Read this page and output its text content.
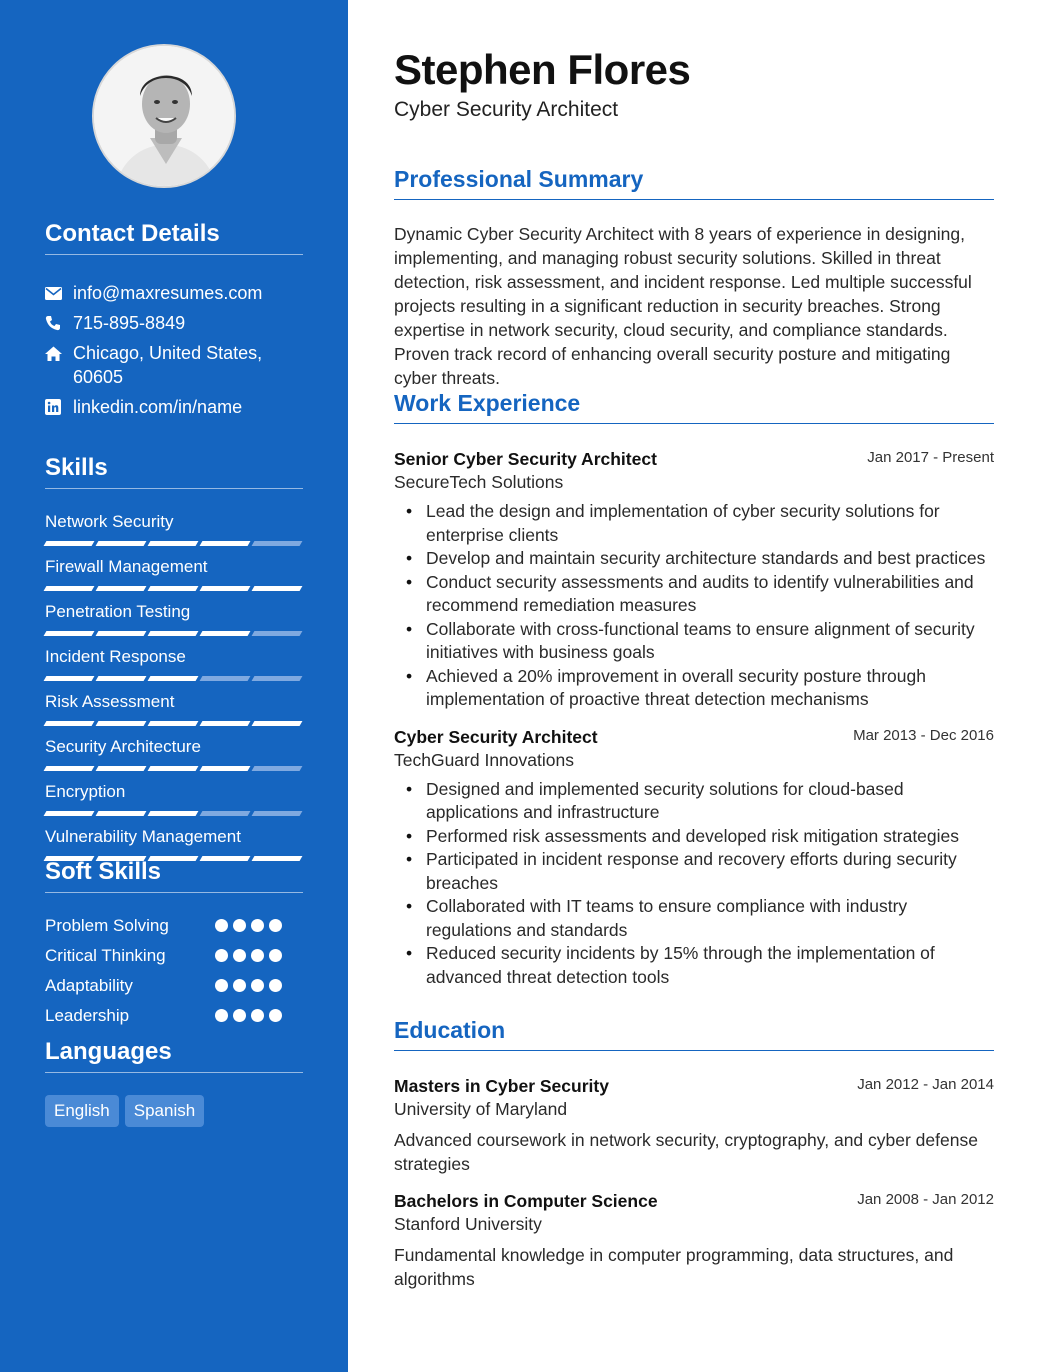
Contact Details
info@maxresumes.com
715-895-8849
Chicago, United States, 60605
linkedin.com/in/name
Skills
Network Security
Firewall Management
Penetration Testing
Incident Response
Risk Assessment
Security Architecture
Encryption
Vulnerability Management
Soft Skills
Problem Solving
Critical Thinking
Adaptability
Leadership
Languages
English	Spanish
Stephen Flores
Cyber Security Architect
Professional Summary

Dynamic Cyber Security Architect with 8 years of experience in designing, implementing, and managing robust security solutions. Skilled in threat detection, risk assessment, and incident response. Led multiple successful projects resulting in a significant reduction in security breaches. Strong expertise in network security, cloud security, and compliance standards. Proven track record of enhancing overall security posture and mitigating cyber threats.

Work Experience
Senior Cyber Security Architect	Jan 2017 - Present
SecureTech Solutions
• Lead the design and implementation of cyber security solutions for enterprise clients
• Develop and maintain security architecture standards and best practices
• Conduct security assessments and audits to identify vulnerabilities and recommend remediation measures
• Collaborate with cross-functional teams to ensure alignment of security initiatives with business goals
• Achieved a 20% improvement in overall security posture through implementation of proactive threat detection mechanisms
Cyber Security Architect	Mar 2013 - Dec 2016
TechGuard Innovations
• Designed and implemented security solutions for cloud-based applications and infrastructure
• Performed risk assessments and developed risk mitigation strategies
• Participated in incident response and recovery efforts during security breaches
• Collaborated with IT teams to ensure compliance with industry regulations and standards
• Reduced security incidents by 15% through the implementation of advanced threat detection tools
Education
Masters in Cyber Security	Jan 2012 - Jan 2014
University of Maryland

Advanced coursework in network security, cryptography, and cyber defense strategies

Bachelors in Computer Science	Jan 2008 - Jan 2012
Stanford University

Fundamental knowledge in computer programming, data structures, and algorithms
